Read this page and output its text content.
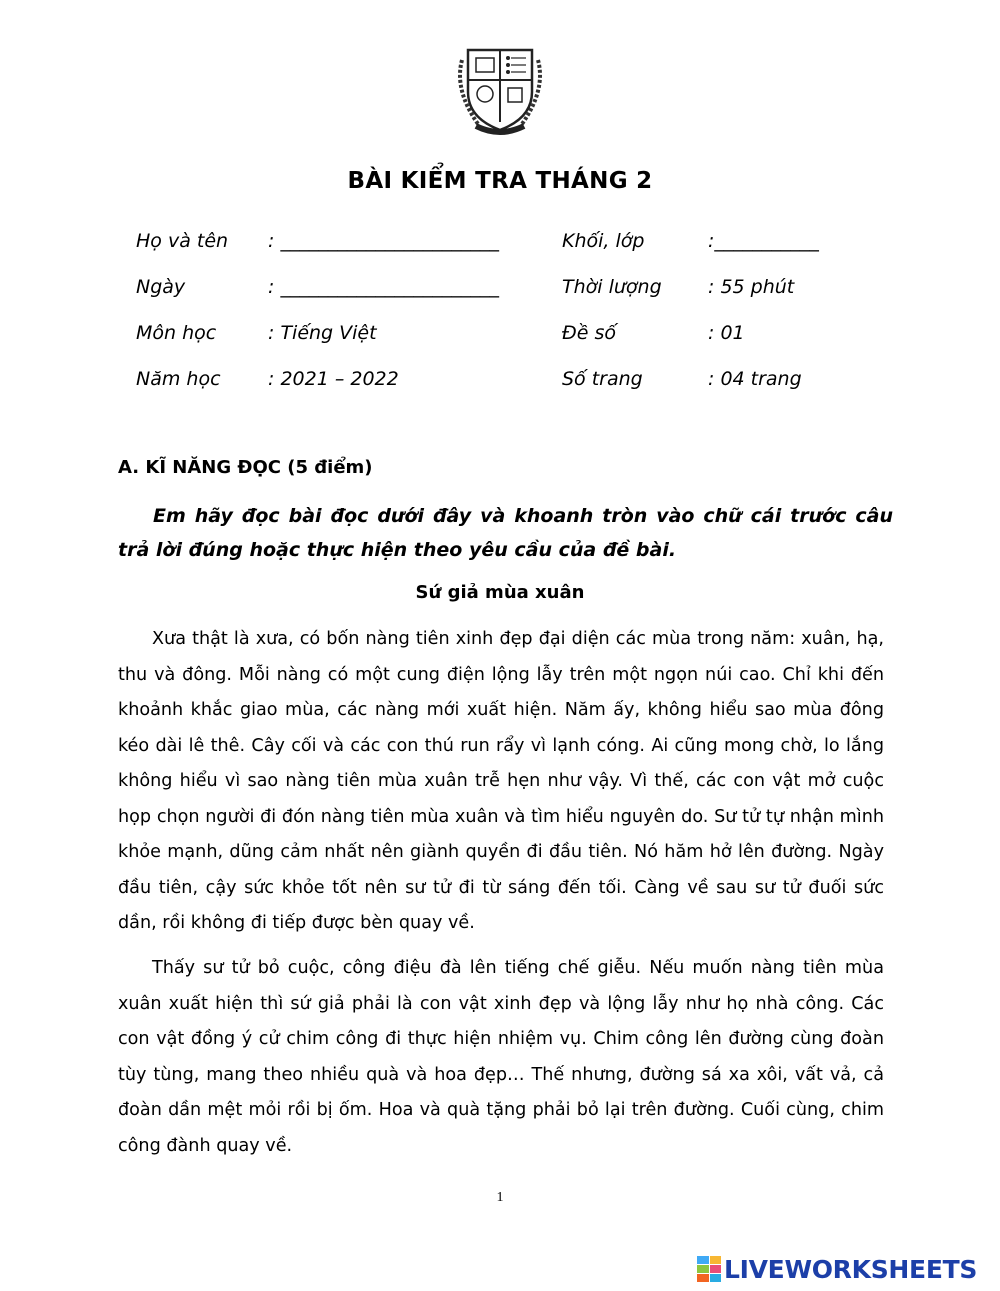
BÀI KIỂM TRA THÁNG 2
Họ và tên : _______________________	Khối, lớp	:___________
Ngày	: _______________________	Thời lượng : 55 phút
Môn học	: Tiếng Việt	Đề số	: 01
Năm học : 2021 – 2022	Số trang	: 04 trang
A. KĨ NĂNG ĐỌC (5 điểm)
Em hãy đọc bài đọc dưới đây và khoanh tròn vào chữ cái trước câu trả lời đúng hoặc thực hiện theo yêu cầu của đề bài.
Sứ giả mùa xuân
Xưa thật là xưa, có bốn nàng tiên xinh đẹp đại diện các mùa trong năm: xuân, hạ, thu và đông. Mỗi nàng có một cung điện lộng lẫy trên một ngọn núi cao. Chỉ khi đến khoảnh khắc giao mùa, các nàng mới xuất hiện. Năm ấy, không hiểu sao mùa đông kéo dài lê thê. Cây cối và các con thú run rẩy vì lạnh cóng. Ai cũng mong chờ, lo lắng không hiểu vì sao nàng tiên mùa xuân trễ hẹn như vậy. Vì thế, các con vật mở cuộc họp chọn người đi đón nàng tiên mùa xuân và tìm hiểu nguyên do. Sư tử tự nhận mình khỏe mạnh, dũng cảm nhất nên giành quyền đi đầu tiên. Nó hăm hở lên đường. Ngày đầu tiên, cậy sức khỏe tốt nên sư tử đi từ sáng đến tối. Càng về sau sư tử đuối sức dần, rồi không đi tiếp được bèn quay về.
Thấy sư tử bỏ cuộc, công điệu đà lên tiếng chế giễu. Nếu muốn nàng tiên mùa xuân xuất hiện thì sứ giả phải là con vật xinh đẹp và lộng lẫy như họ nhà công. Các con vật đồng ý cử chim công đi thực hiện nhiệm vụ. Chim công lên đường cùng đoàn tùy tùng, mang theo nhiều quà và hoa đẹp… Thế nhưng, đường sá xa xôi, vất vả, cả đoàn dần mệt mỏi rồi bị ốm. Hoa và quà tặng phải bỏ lại trên đường. Cuối cùng, chim công đành quay về.
1
LIVEWORKSHEETS
